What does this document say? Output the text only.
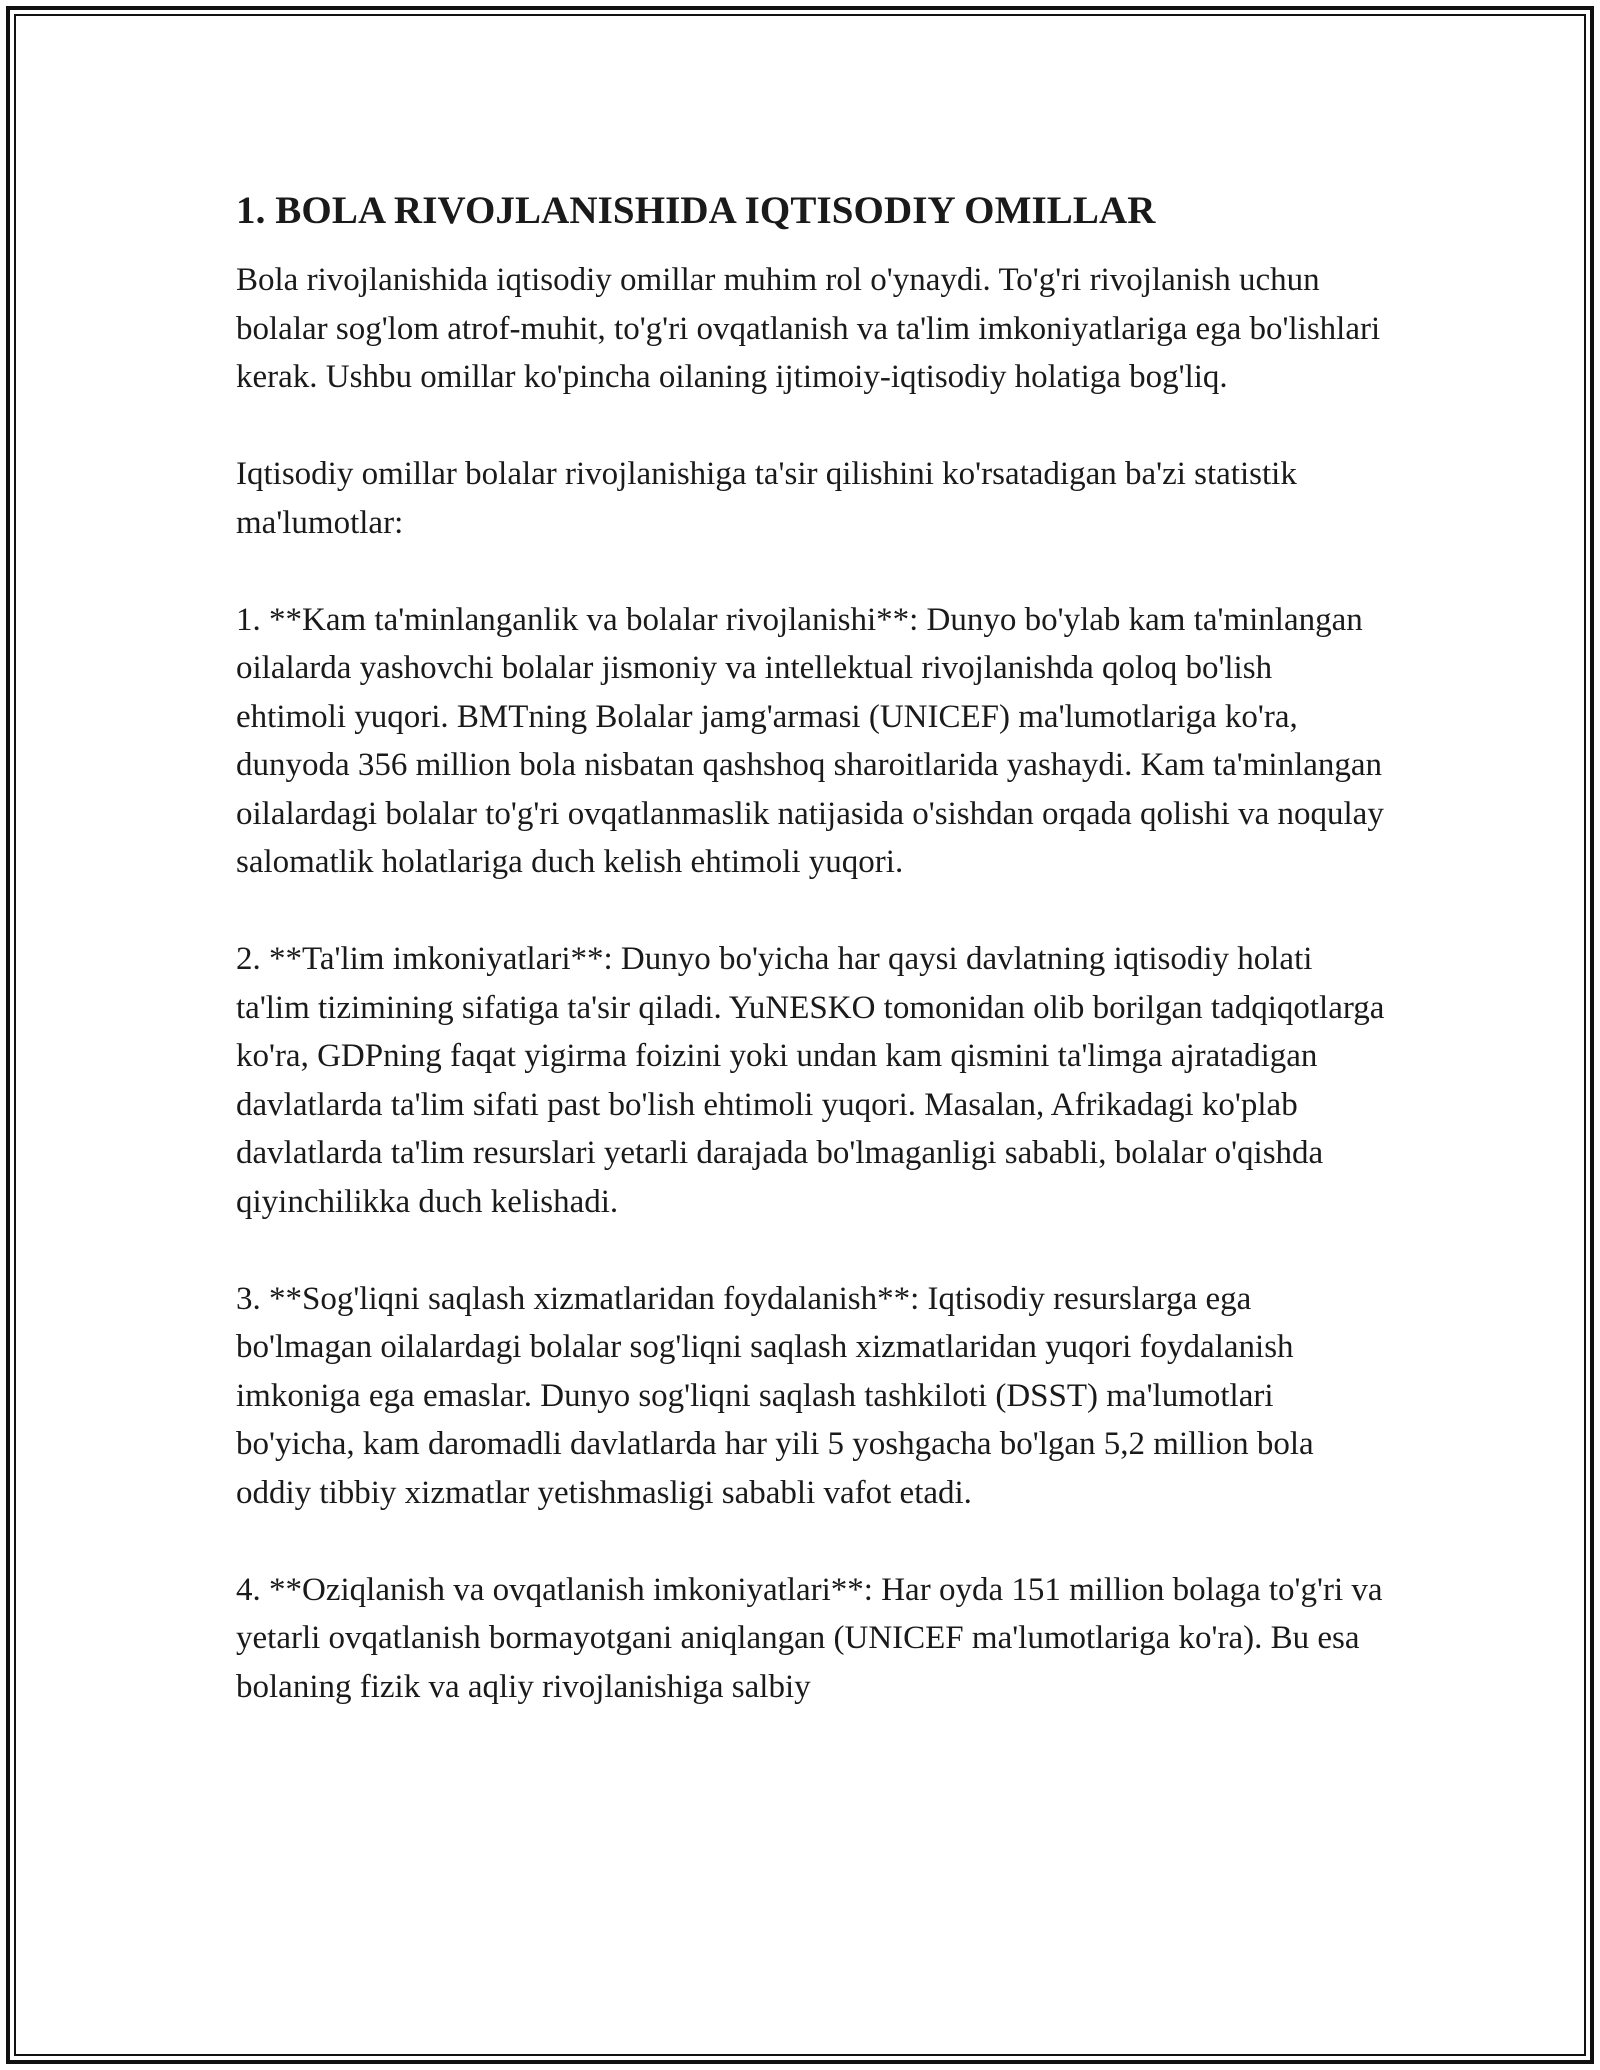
1. BOLA RIVOJLANISHIDA IQTISODIY OMILLAR

Bola rivojlanishida iqtisodiy omillar muhim rol o'ynaydi. To'g'ri rivojlanish uchun bolalar sog'lom atrof-muhit, to'g'ri ovqatlanish va ta'lim imkoniyatlariga ega bo'lishlari kerak. Ushbu omillar ko'pincha oilaning ijtimoiy-iqtisodiy holatiga bog'liq.

Iqtisodiy omillar bolalar rivojlanishiga ta'sir qilishini ko'rsatadigan ba'zi statistik ma'lumotlar:

1. **Kam ta'minlanganlik va bolalar rivojlanishi**: Dunyo bo'ylab kam ta'minlangan oilalarda yashovchi bolalar jismoniy va intellektual rivojlanishda qoloq bo'lish ehtimoli yuqori. BMTning Bolalar jamg'armasi (UNICEF) ma'lumotlariga ko'ra, dunyoda 356 million bola nisbatan qashshoq sharoitlarida yashaydi. Kam ta'minlangan oilalardagi bolalar to'g'ri ovqatlanmaslik natijasida o'sishdan orqada qolishi va noqulay salomatlik holatlariga duch kelish ehtimoli yuqori.

2. **Ta'lim imkoniyatlari**: Dunyo bo'yicha har qaysi davlatning iqtisodiy holati ta'lim tizimining sifatiga ta'sir qiladi. YuNESKO tomonidan olib borilgan tadqiqotlarga ko'ra, GDPning faqat yigirma foizini yoki undan kam qismini ta'limga ajratadigan davlatlarda ta'lim sifati past bo'lish ehtimoli yuqori. Masalan, Afrikadagi ko'plab davlatlarda ta'lim resurslari yetarli darajada bo'lmaganligi sababli, bolalar o'qishda qiyinchilikka duch kelishadi.

3. **Sog'liqni saqlash xizmatlaridan foydalanish**: Iqtisodiy resurslarga ega bo'lmagan oilalardagi bolalar sog'liqni saqlash xizmatlaridan yuqori foydalanish imkoniga ega emaslar. Dunyo sog'liqni saqlash tashkiloti (DSST) ma'lumotlari bo'yicha, kam daromadli davlatlarda har yili 5 yoshgacha bo'lgan 5,2 million bola oddiy tibbiy xizmatlar yetishmasligi sababli vafot etadi.

4. **Oziqlanish va ovqatlanish imkoniyatlari**: Har oyda 151 million bolaga to'g'ri va yetarli ovqatlanish bormayotgani aniqlangan (UNICEF ma'lumotlariga ko'ra). Bu esa bolaning fizik va aqliy rivojlanishiga salbiy
